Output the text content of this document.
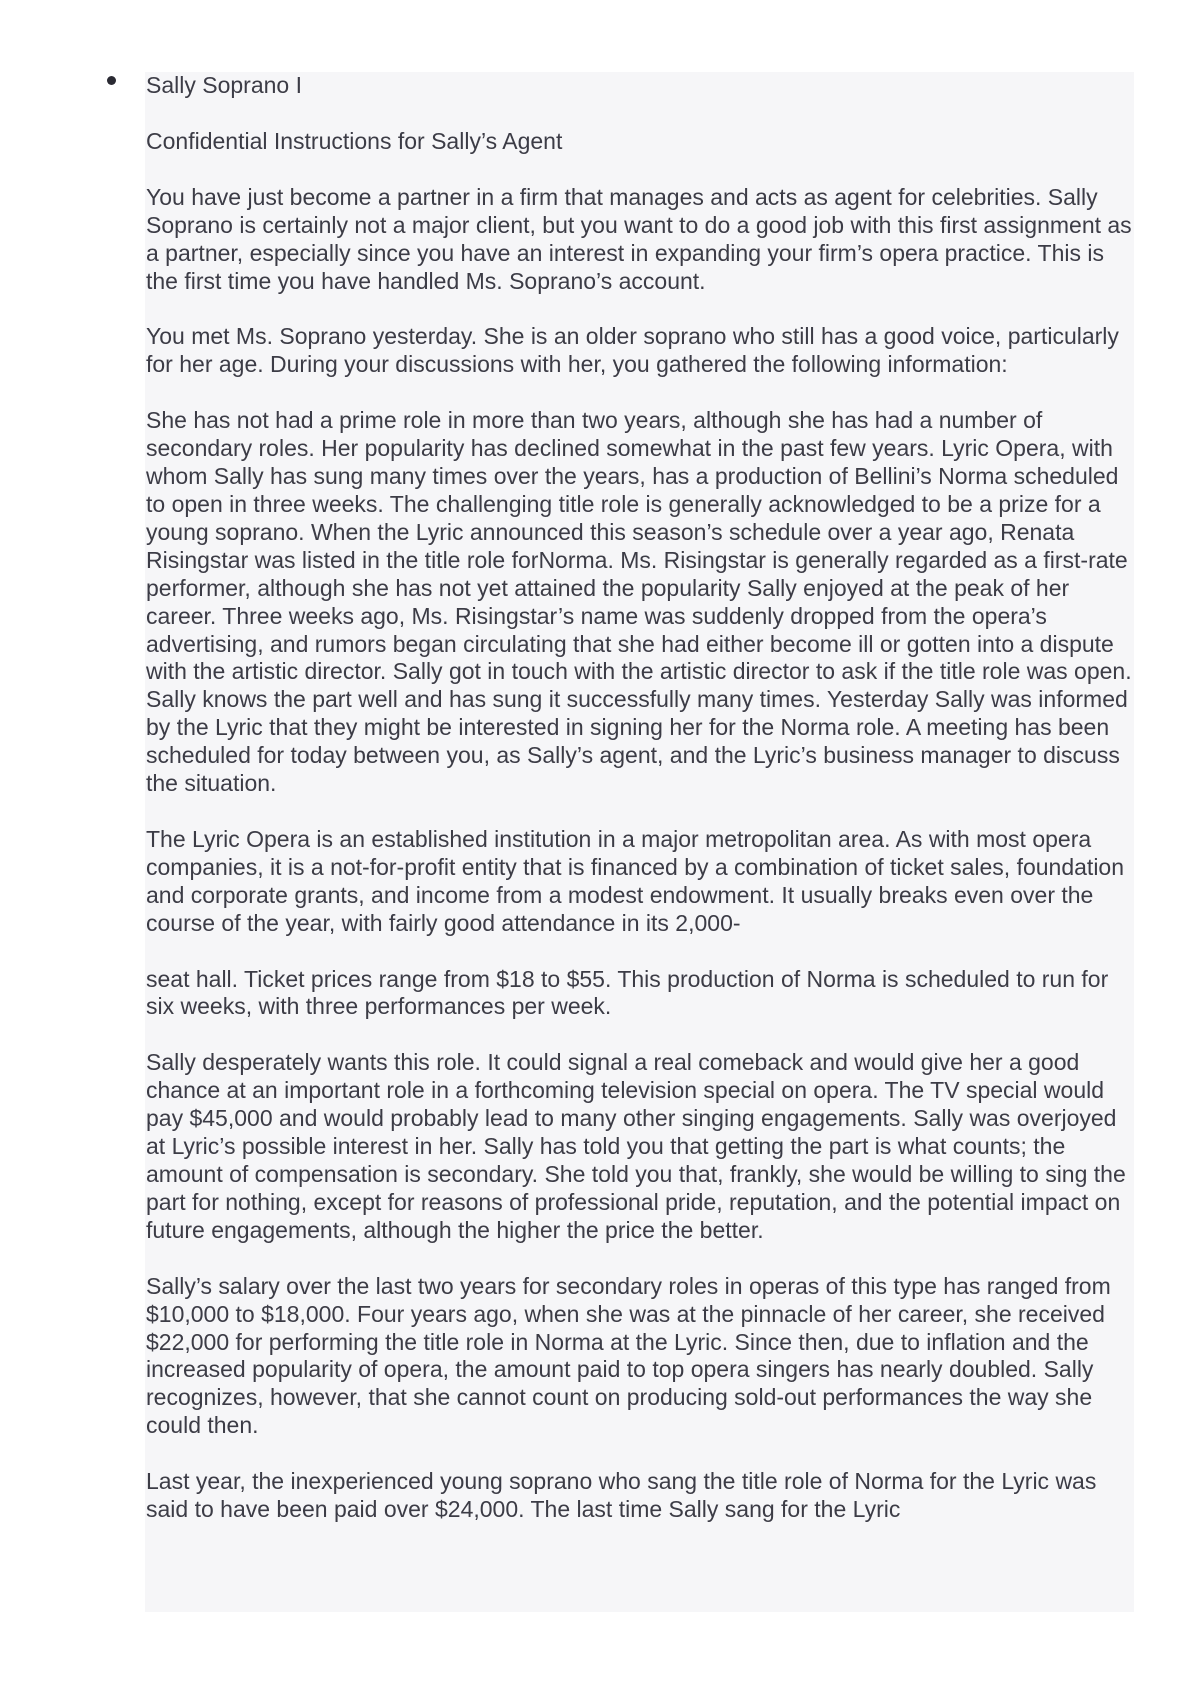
Sally Soprano I

Confidential Instructions for Sally’s Agent

You have just become a partner in a firm that manages and acts as agent for celebrities. Sally Soprano is certainly not a major client, but you want to do a good job with this first assignment as a partner, especially since you have an interest in expanding your firm’s opera practice. This is the first time you have handled Ms. Soprano’s account.

You met Ms. Soprano yesterday. She is an older soprano who still has a good voice, particularly for her age. During your discussions with her, you gathered the following information:

She has not had a prime role in more than two years, although she has had a number of secondary roles. Her popularity has declined somewhat in the past few years. Lyric Opera, with whom Sally has sung many times over the years, has a production of Bellini’s Norma scheduled to open in three weeks. The challenging title role is generally acknowledged to be a prize for a young soprano. When the Lyric announced this season’s schedule over a year ago, Renata Risingstar was listed in the title role forNorma. Ms. Risingstar is generally regarded as a first-rate performer, although she has not yet attained the popularity Sally enjoyed at the peak of her career. Three weeks ago, Ms. Risingstar’s name was suddenly dropped from the opera’s advertising, and rumors began circulating that she had either become ill or gotten into a dispute with the artistic director. Sally got in touch with the artistic director to ask if the title role was open. Sally knows the part well and has sung it successfully many times. Yesterday Sally was informed by the Lyric that they might be interested in signing her for the Norma role. A meeting has been scheduled for today between you, as Sally’s agent, and the Lyric’s business manager to discuss the situation.

The Lyric Opera is an established institution in a major metropolitan area. As with most opera companies, it is a not-for-profit entity that is financed by a combination of ticket sales, foundation and corporate grants, and income from a modest endowment. It usually breaks even over the course of the year, with fairly good attendance in its 2,000-

seat hall. Ticket prices range from $18 to $55. This production of Norma is scheduled to run for six weeks, with three performances per week.

Sally desperately wants this role. It could signal a real comeback and would give her a good chance at an important role in a forthcoming television special on opera. The TV special would pay $45,000 and would probably lead to many other singing engagements. Sally was overjoyed at Lyric’s possible interest in her. Sally has told you that getting the part is what counts; the amount of compensation is secondary. She told you that, frankly, she would be willing to sing the part for nothing, except for reasons of professional pride, reputation, and the potential impact on future engagements, although the higher the price the better.

Sally’s salary over the last two years for secondary roles in operas of this type has ranged from $10,000 to $18,000. Four years ago, when she was at the pinnacle of her career, she received $22,000 for performing the title role in Norma at the Lyric. Since then, due to inflation and the increased popularity of opera, the amount paid to top opera singers has nearly doubled. Sally recognizes, however, that she cannot count on producing sold-out performances the way she could then.

Last year, the inexperienced young soprano who sang the title role of Norma for the Lyric was said to have been paid over $24,000. The last time Sally sang for the Lyric
